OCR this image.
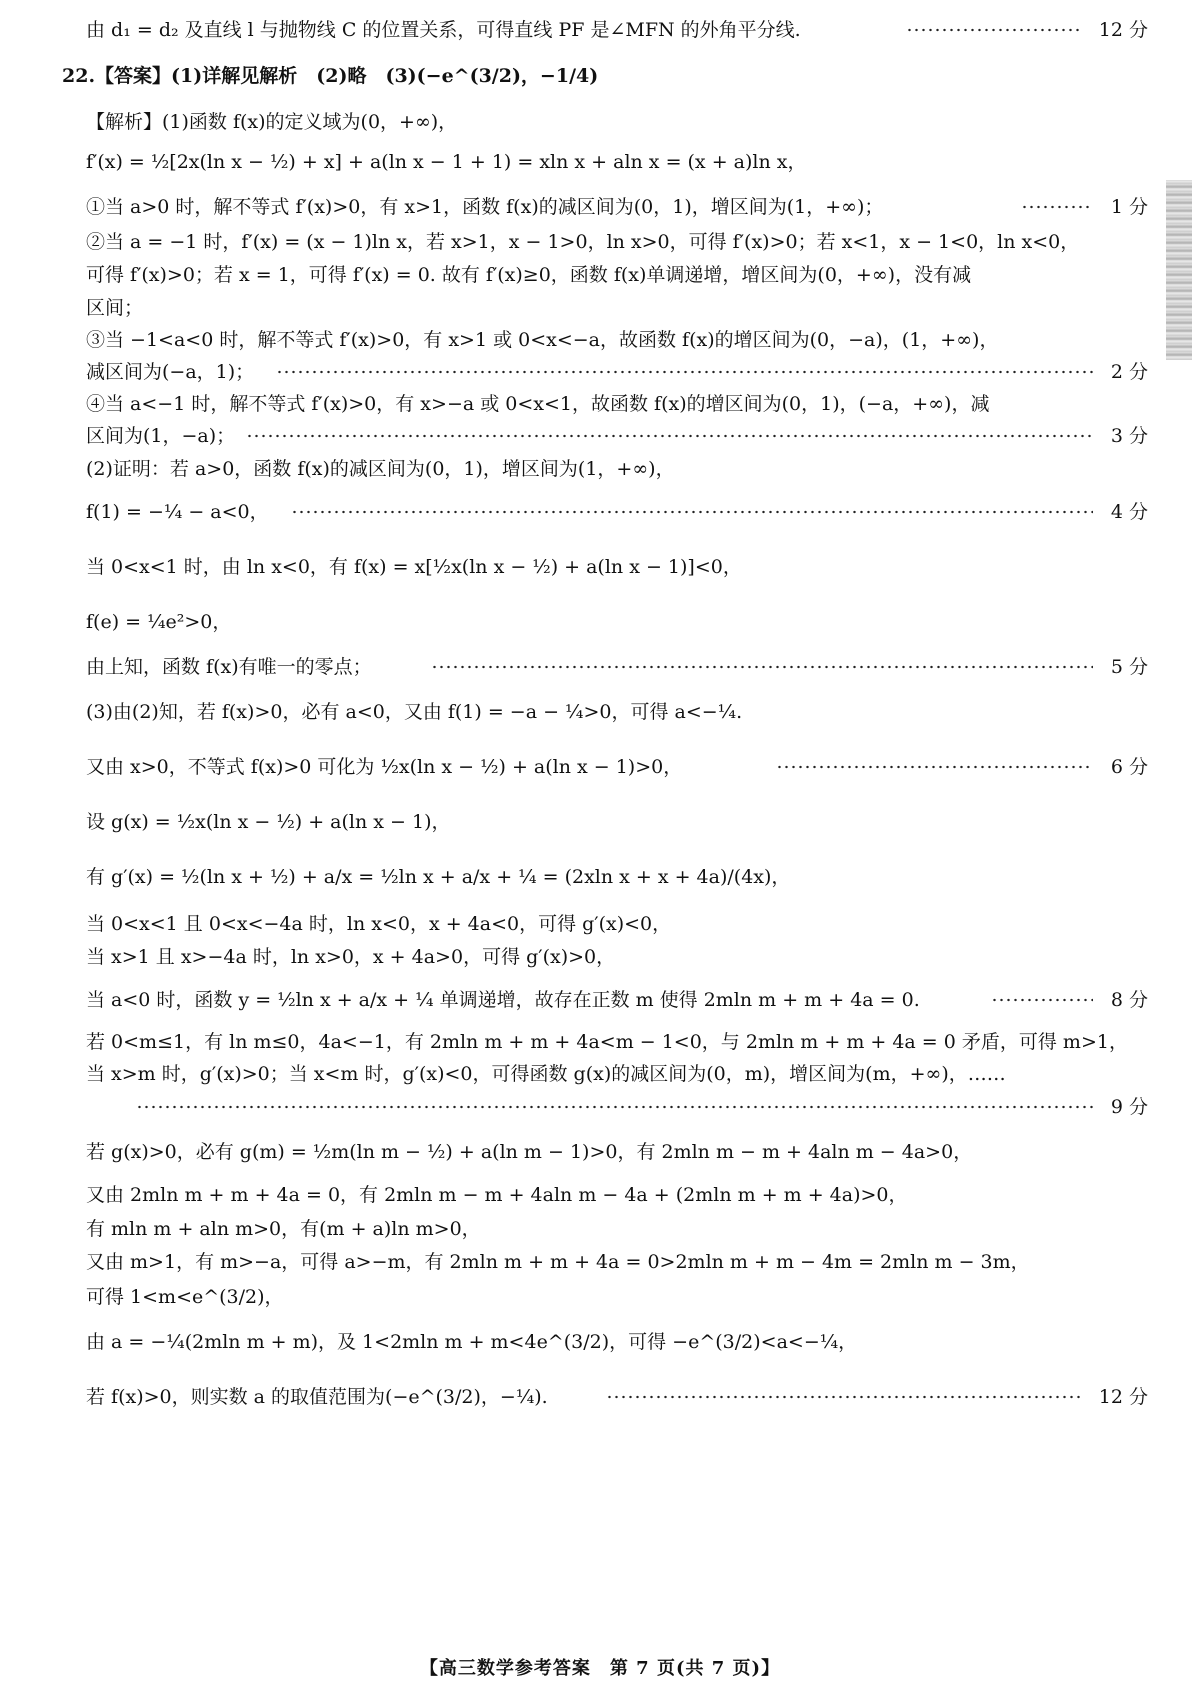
由 d₁ = d₂ 及直线 l 与抛物线 C 的位置关系，可得直线 PF 是∠MFN 的外角平分线.	12 分
22.【答案】(1)详解见解析　(2)略　(3)(−e^(3/2)，−1/4)
【解析】(1)函数 f(x)的定义域为(0，+∞)，
f′(x) = ½[2x(ln x − ½) + x] + a(ln x − 1 + 1) = xln x + aln x = (x + a)ln x，
①当 a>0 时，解不等式 f′(x)>0，有 x>1，函数 f(x)的减区间为(0，1)，增区间为(1，+∞)；	1 分
②当 a = −1 时，f′(x) = (x − 1)ln x，若 x>1，x − 1>0，ln x>0，可得 f′(x)>0；若 x<1，x − 1<0，ln x<0，
可得 f′(x)>0；若 x = 1，可得 f′(x) = 0. 故有 f′(x)≥0，函数 f(x)单调递增，增区间为(0，+∞)，没有减
区间；
③当 −1<a<0 时，解不等式 f′(x)>0，有 x>1 或 0<x<−a，故函数 f(x)的增区间为(0，−a)，(1，+∞)，
减区间为(−a，1)；	2 分
④当 a<−1 时，解不等式 f′(x)>0，有 x>−a 或 0<x<1，故函数 f(x)的增区间为(0，1)，(−a，+∞)，减
区间为(1，−a)；	3 分
(2)证明：若 a>0，函数 f(x)的减区间为(0，1)，增区间为(1，+∞)，
f(1) = −¼ − a<0，	4 分
当 0<x<1 时，由 ln x<0，有 f(x) = x[½x(ln x − ½) + a(ln x − 1)]<0，
f(e) = ¼e²>0，
由上知，函数 f(x)有唯一的零点；	5 分
(3)由(2)知，若 f(x)>0，必有 a<0，又由 f(1) = −a − ¼>0，可得 a<−¼.
又由 x>0，不等式 f(x)>0 可化为 ½x(ln x − ½) + a(ln x − 1)>0，	6 分
设 g(x) = ½x(ln x − ½) + a(ln x − 1)，
有 g′(x) = ½(ln x + ½) + a/x = ½ln x + a/x + ¼ = (2xln x + x + 4a)/(4x)，
当 0<x<1 且 0<x<−4a 时，ln x<0，x + 4a<0，可得 g′(x)<0，
当 x>1 且 x>−4a 时，ln x>0，x + 4a>0，可得 g′(x)>0，
当 a<0 时，函数 y = ½ln x + a/x + ¼ 单调递增，故存在正数 m 使得 2mln m + m + 4a = 0.	8 分
若 0<m≤1，有 ln m≤0，4a<−1，有 2mln m + m + 4a<m − 1<0，与 2mln m + m + 4a = 0 矛盾，可得 m>1，
当 x>m 时，g′(x)>0；当 x<m 时，g′(x)<0，可得函数 g(x)的减区间为(0，m)，增区间为(m，+∞)，……
9 分
若 g(x)>0，必有 g(m) = ½m(ln m − ½) + a(ln m − 1)>0，有 2mln m − m + 4aln m − 4a>0，
又由 2mln m + m + 4a = 0，有 2mln m − m + 4aln m − 4a + (2mln m + m + 4a)>0，
有 mln m + aln m>0，有(m + a)ln m>0，
又由 m>1，有 m>−a，可得 a>−m，有 2mln m + m + 4a = 0>2mln m + m − 4m = 2mln m − 3m，
可得 1<m<e^(3/2)，
由 a = −¼(2mln m + m)，及 1<2mln m + m<4e^(3/2)，可得 −e^(3/2)<a<−¼，
若 f(x)>0，则实数 a 的取值范围为(−e^(3/2)，−¼).	12 分
【高三数学参考答案　第 7 页(共 7 页)】
